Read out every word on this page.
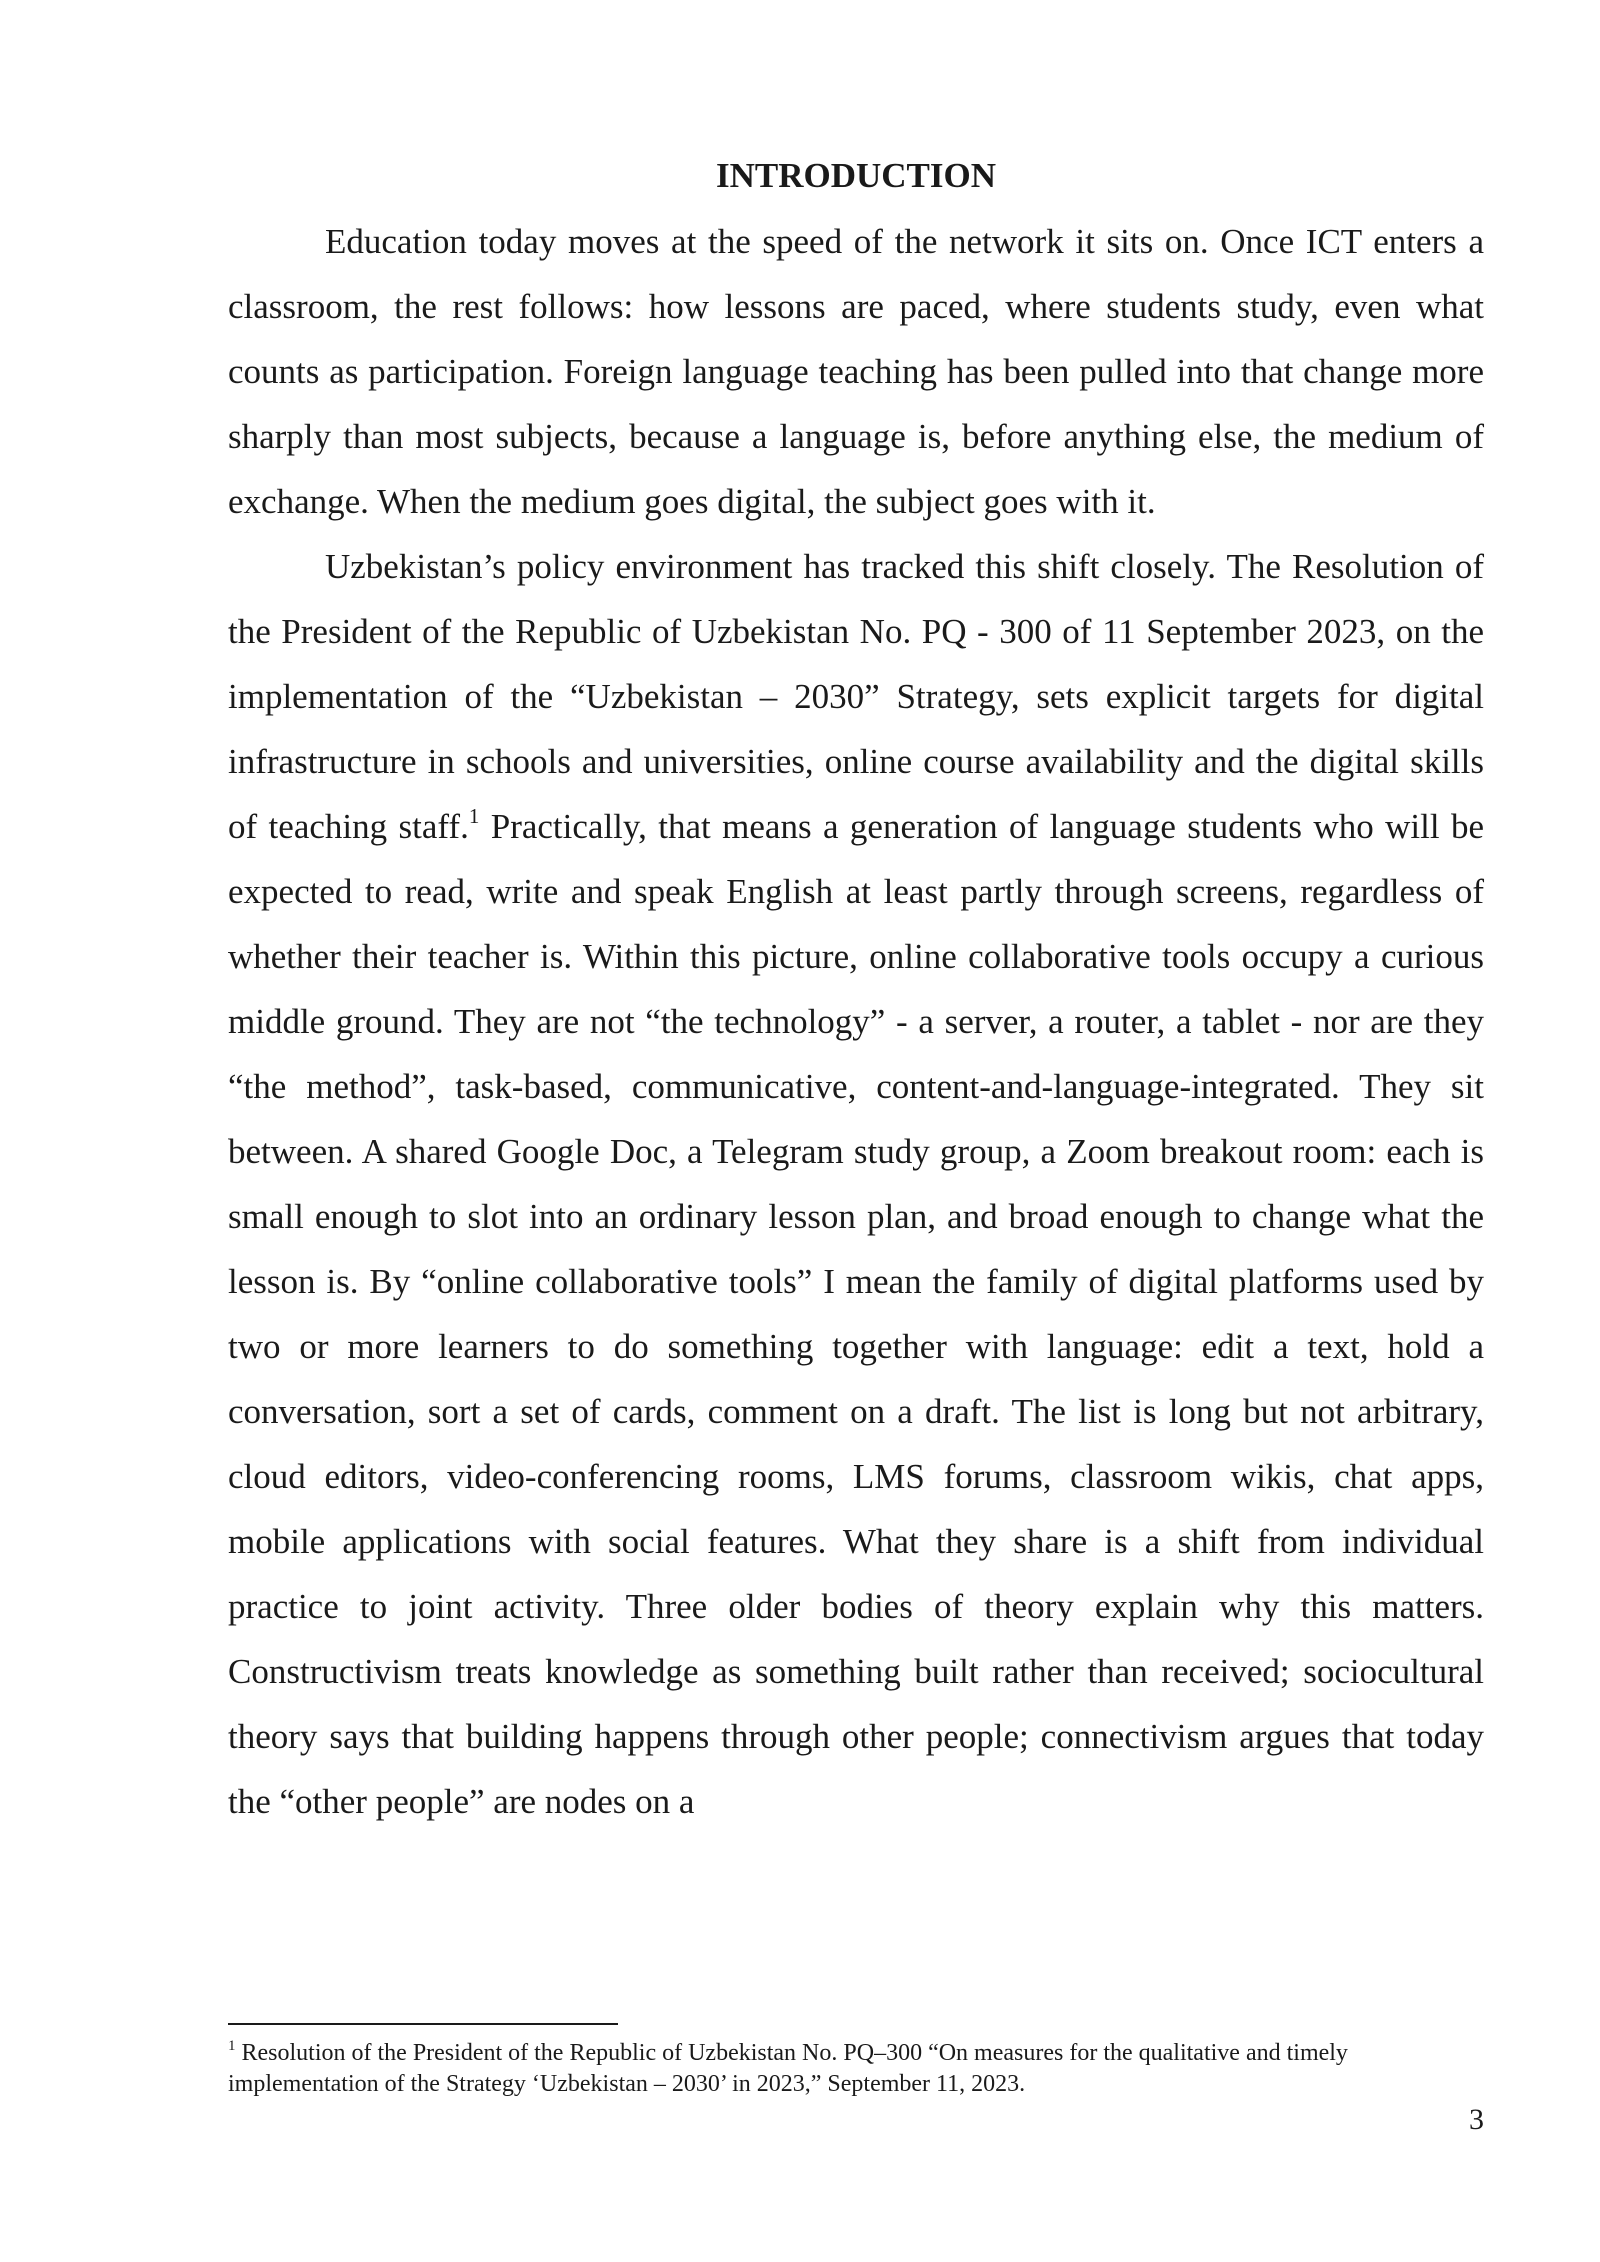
INTRODUCTION

Education today moves at the speed of the network it sits on. Once ICT enters a classroom, the rest follows: how lessons are paced, where students study, even what counts as participation. Foreign language teaching has been pulled into that change more sharply than most subjects, because a language is, before anything else, the medium of exchange. When the medium goes digital, the subject goes with it.

Uzbekistan’s policy environment has tracked this shift closely. The Resolution of the President of the Republic of Uzbekistan No. PQ - 300 of 11 September 2023, on the implementation of the “Uzbekistan – 2030” Strategy, sets explicit targets for digital infrastructure in schools and universities, online course availability and the digital skills of teaching staff.$^1$ Practically, that means a generation of language students who will be expected to read, write and speak English at least partly through screens, regardless of whether their teacher is. Within this picture, online collaborative tools occupy a curious middle ground. They are not “the technology” - a server, a router, a tablet - nor are they “the method”, task-based, communicative, content-and-language-integrated. They sit between. A shared Google Doc, a Telegram study group, a Zoom breakout room: each is small enough to slot into an ordinary lesson plan, and broad enough to change what the lesson is. By “online collaborative tools” I mean the family of digital platforms used by two or more learners to do something together with language: edit a text, hold a conversation, sort a set of cards, comment on a draft. The list is long but not arbitrary, cloud editors, video-conferencing rooms, LMS forums, classroom wikis, chat apps, mobile applications with social features. What they share is a shift from individual practice to joint activity. Three older bodies of theory explain why this matters. Constructivism treats knowledge as something built rather than received; sociocultural theory says that building happens through other people; connectivism argues that today the “other people” are nodes on a

$^1$ Resolution of the President of the Republic of Uzbekistan No. PQ–300 “On measures for the qualitative and timely implementation of the Strategy ‘Uzbekistan – 2030’ in 2023,” September 11, 2023.

3
